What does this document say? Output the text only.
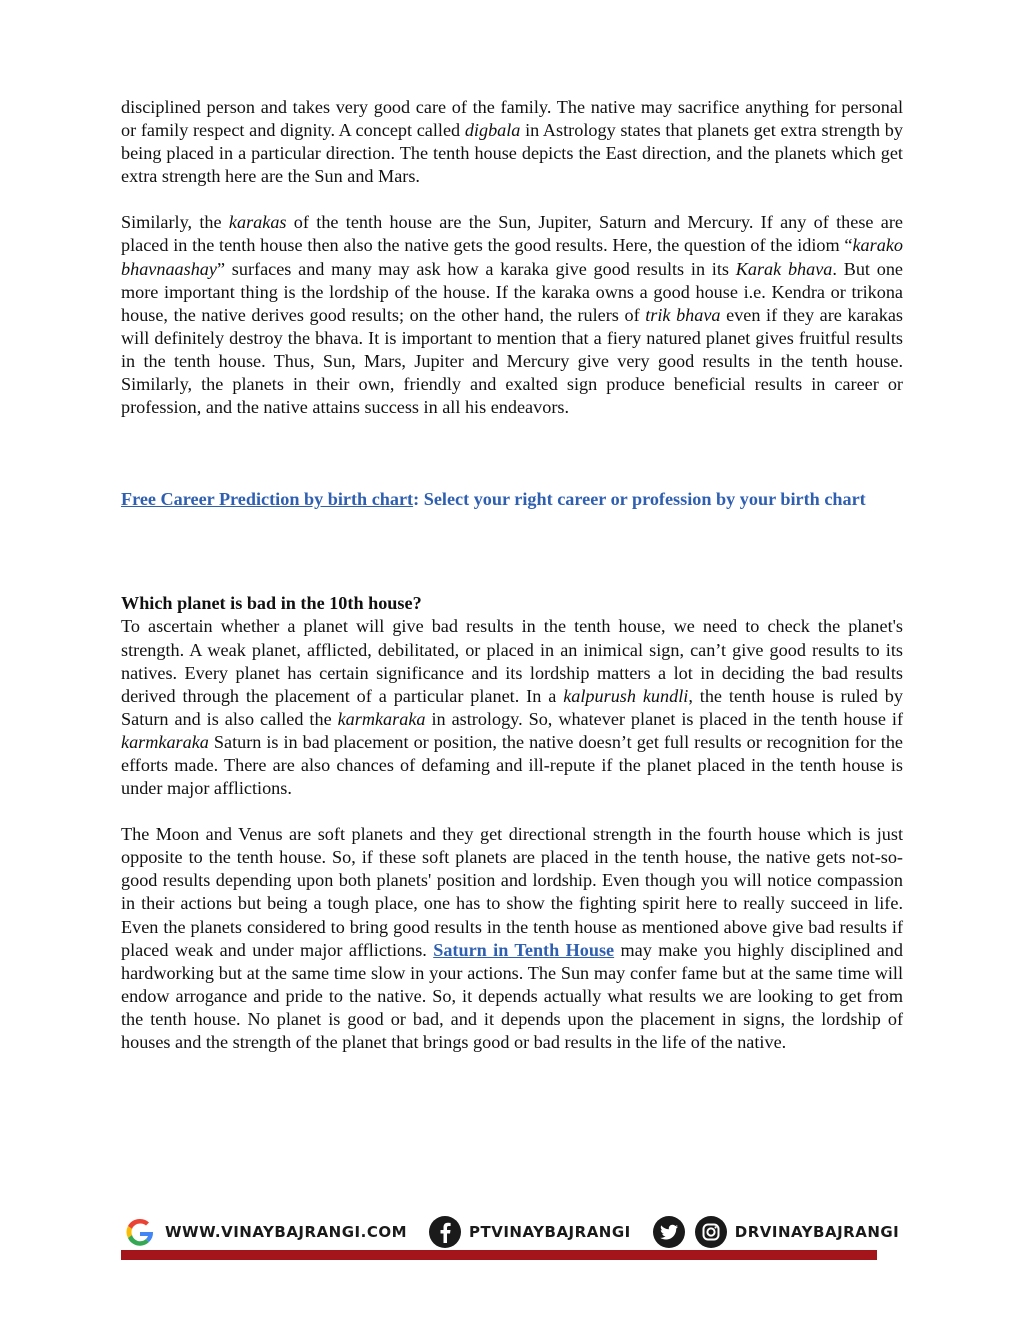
disciplined person and takes very good care of the family. The native may sacrifice anything for personal or family respect and dignity. A concept called digbala in Astrology states that planets get extra strength by being placed in a particular direction. The tenth house depicts the East direction, and the planets which get extra strength here are the Sun and Mars.

Similarly, the karakas of the tenth house are the Sun, Jupiter, Saturn and Mercury. If any of these are placed in the tenth house then also the native gets the good results. Here, the question of the idiom “karako bhavnaashay” surfaces and many may ask how a karaka give good results in its Karak bhava. But one more important thing is the lordship of the house. If the karaka owns a good house i.e. Kendra or trikona house, the native derives good results; on the other hand, the rulers of trik bhava even if they are karakas will definitely destroy the bhava. It is important to mention that a fiery natured planet gives fruitful results in the tenth house. Thus, Sun, Mars, Jupiter and Mercury give very good results in the tenth house. Similarly, the planets in their own, friendly and exalted sign produce beneficial results in career or profession, and the native attains success in all his endeavors.

Free Career Prediction by birth chart: Select your right career or profession by your birth chart

Which planet is bad in the 10th house?

To ascertain whether a planet will give bad results in the tenth house, we need to check the planet's strength. A weak planet, afflicted, debilitated, or placed in an inimical sign, can’t give good results to its natives. Every planet has certain significance and its lordship matters a lot in deciding the bad results derived through the placement of a particular planet. In a kalpurush kundli, the tenth house is ruled by Saturn and is also called the karmkaraka in astrology. So, whatever planet is placed in the tenth house if karmkaraka Saturn is in bad placement or position, the native doesn’t get full results or recognition for the efforts made. There are also chances of defaming and ill-repute if the planet placed in the tenth house is under major afflictions.

The Moon and Venus are soft planets and they get directional strength in the fourth house which is just opposite to the tenth house. So, if these soft planets are placed in the tenth house, the native gets not-so-good results depending upon both planets' position and lordship. Even though you will notice compassion in their actions but being a tough place, one has to show the fighting spirit here to really succeed in life. Even the planets considered to bring good results in the tenth house as mentioned above give bad results if placed weak and under major afflictions. Saturn in Tenth House may make you highly disciplined and hardworking but at the same time slow in your actions. The Sun may confer fame but at the same time will endow arrogance and pride to the native. So, it depends actually what results we are looking to get from the tenth house. No planet is good or bad, and it depends upon the placement in signs, the lordship of houses and the strength of the planet that brings good or bad results in the life of the native.

WWW.VINAYBAJRANGI.COM	PTVINAYBAJRANGI	DRVINAYBAJRANGI
